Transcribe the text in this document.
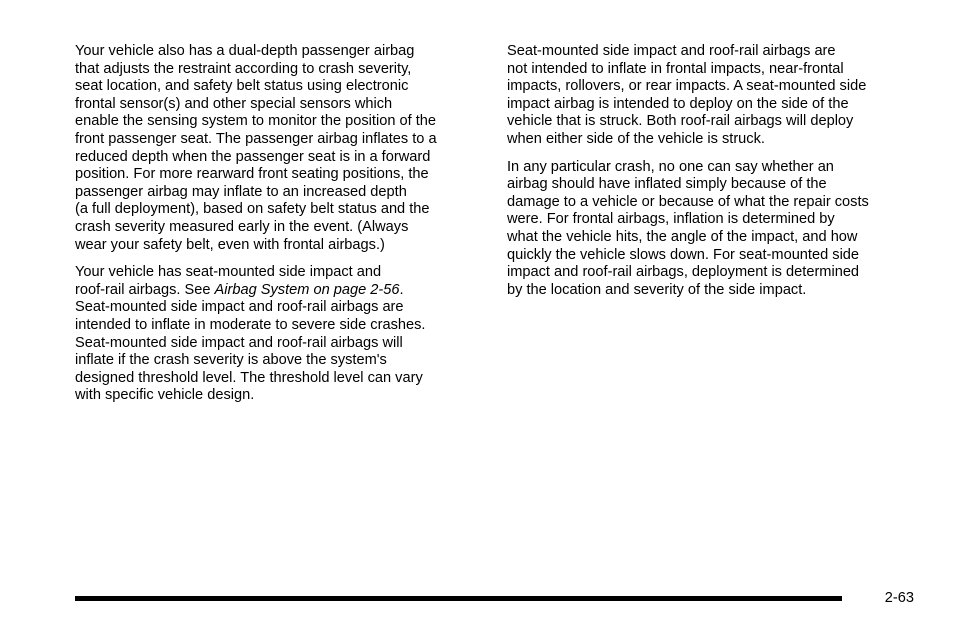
Your vehicle also has a dual-depth passenger airbag
that adjusts the restraint according to crash severity,
seat location, and safety belt status using electronic
frontal sensor(s) and other special sensors which
enable the sensing system to monitor the position of the
front passenger seat. The passenger airbag inflates to a
reduced depth when the passenger seat is in a forward
position. For more rearward front seating positions, the
passenger airbag may inflate to an increased depth
(a full deployment), based on safety belt status and the
crash severity measured early in the event. (Always
wear your safety belt, even with frontal airbags.)

Your vehicle has seat-mounted side impact and
roof-rail airbags. See Airbag System on page 2-56.
Seat-mounted side impact and roof-rail airbags are
intended to inflate in moderate to severe side crashes.
Seat-mounted side impact and roof-rail airbags will
inflate if the crash severity is above the system's
designed threshold level. The threshold level can vary
with specific vehicle design.

Seat-mounted side impact and roof-rail airbags are
not intended to inflate in frontal impacts, near-frontal
impacts, rollovers, or rear impacts. A seat-mounted side
impact airbag is intended to deploy on the side of the
vehicle that is struck. Both roof-rail airbags will deploy
when either side of the vehicle is struck.

In any particular crash, no one can say whether an
airbag should have inflated simply because of the
damage to a vehicle or because of what the repair costs
were. For frontal airbags, inflation is determined by
what the vehicle hits, the angle of the impact, and how
quickly the vehicle slows down. For seat-mounted side
impact and roof-rail airbags, deployment is determined
by the location and severity of the side impact.

2-63
